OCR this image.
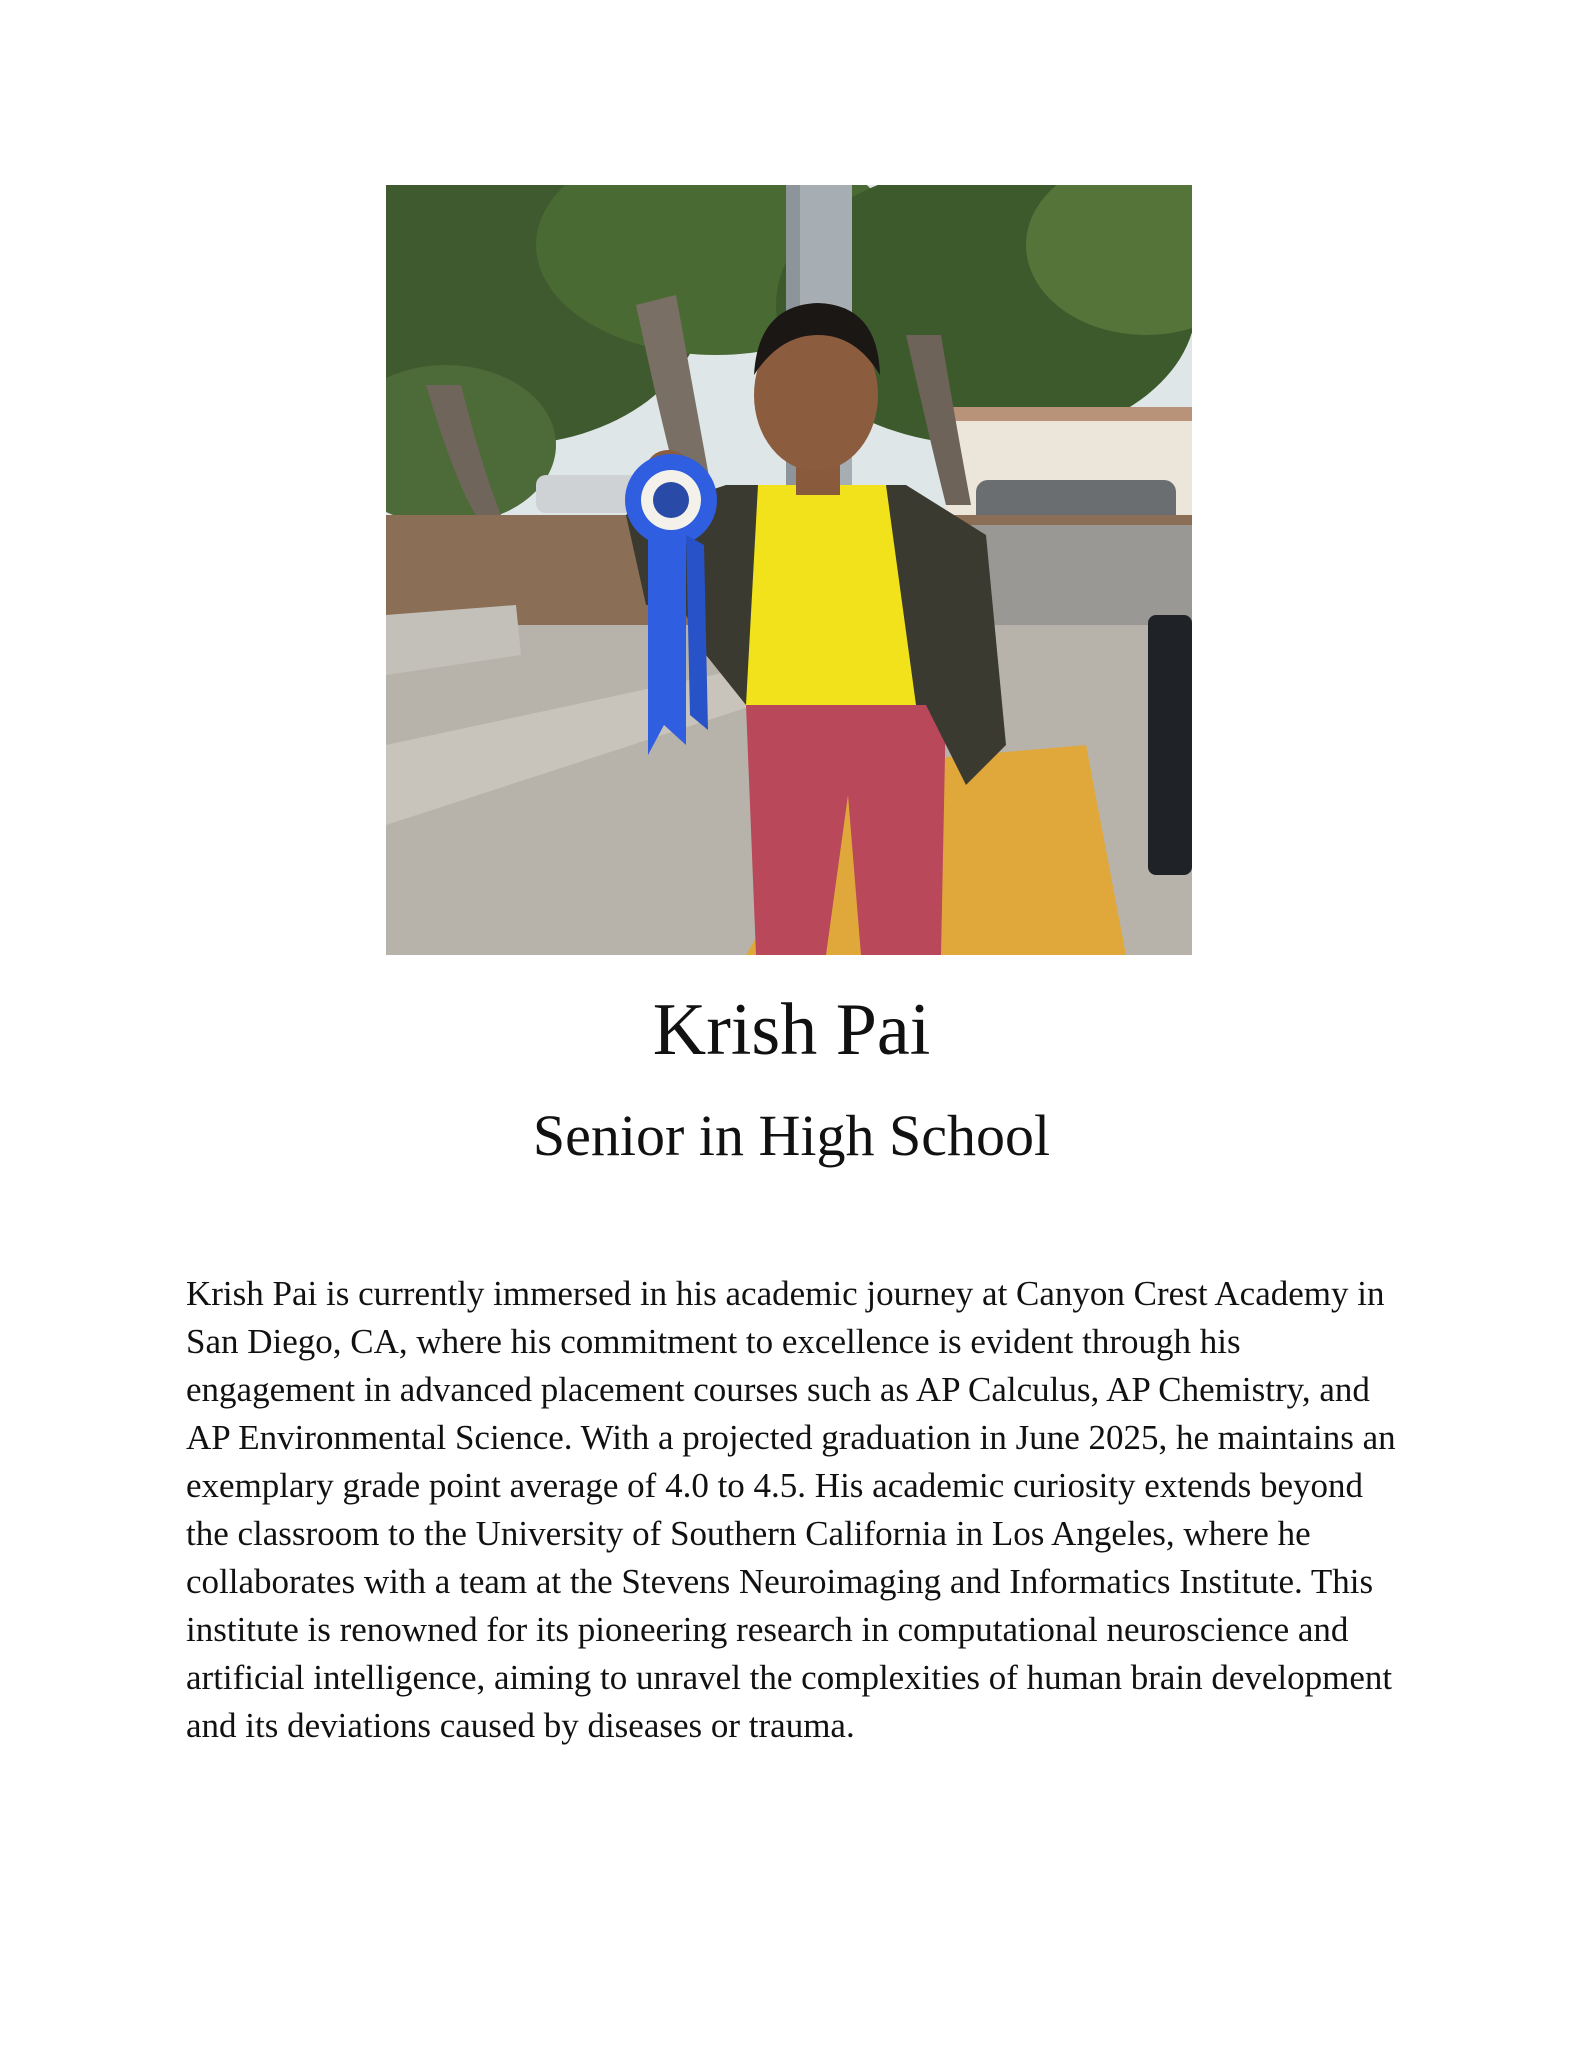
Krish Pai
Senior in High School

Krish Pai is currently immersed in his academic journey at Canyon Crest Academy in San Diego, CA, where his commitment to excellence is evident through his engagement in advanced placement courses such as AP Calculus, AP Chemistry, and AP Environmental Science. With a projected graduation in June 2025, he maintains an exemplary grade point average of 4.0 to 4.5. His academic curiosity extends beyond the classroom to the University of Southern California in Los Angeles, where he collaborates with a team at the Stevens Neuroimaging and Informatics Institute. This institute is renowned for its pioneering research in computational neuroscience and artificial intelligence, aiming to unravel the complexities of human brain development and its deviations caused by diseases or trauma.
